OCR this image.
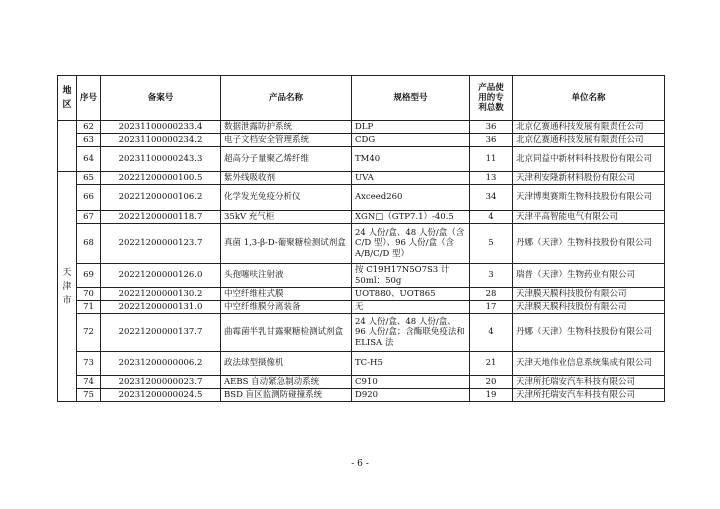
地区	序号	备案号	产品名称	规格型号	产品使用的专利总数	单位名称
	62	20231100000233.4	数据泄露防护系统	DLP	36	北京亿赛通科技发展有限责任公司
	63	20231100000234.2	电子文档安全管理系统	CDG	36	北京亿赛通科技发展有限责任公司
	64	20231100000243.3	超高分子量聚乙烯纤维	TM40	11	北京同益中新材料科技股份有限公司
天津市	65	20221200000100.5	紫外线吸收剂	UVA	13	天津利安隆新材料股份有限公司
	66	20221200000106.2	化学发光免疫分析仪	Axceed260	34	天津博奥赛斯生物科技股份有限公司
	67	20221200000118.7	35kV 充气柜	XGN□（GTP7.1）-40.5	4	天津平高智能电气有限公司
	68	20221200000123.7	真菌 1,3-β-D-葡聚糖检测试剂盒	24 人份/盒、48 人份/盒（含 C/D 型）、96 人份/盒（含 A/B/C/D 型）	5	丹娜（天津）生物科技股份有限公司
	69	20221200000126.0	头孢噻呋注射液	按 C19H17N5O7S3 计 50ml：50g	3	瑞普（天津）生物药业有限公司
	70	20221200000130.2	中空纤维柱式膜	UOT880、UOT865	28	天津膜天膜科技股份有限公司
	71	20221200000131.0	中空纤维膜分离装备	无	17	天津膜天膜科技股份有限公司
	72	20221200000137.7	曲霉菌半乳甘露聚糖检测试剂盒	24 人份/盒、48 人份/盒、96 人份/盒；含酶联免疫法和 ELISA 法	4	丹娜（天津）生物科技股份有限公司
	73	20231200000006.2	政法球型摄像机	TC-H5	21	天津天地伟业信息系统集成有限公司
	74	20231200000023.7	AEBS 自动紧急制动系统	C910	20	天津所托瑞安汽车科技有限公司
	75	20231200000024.5	BSD 盲区监测防碰撞系统	D920	19	天津所托瑞安汽车科技有限公司
- 6 -
